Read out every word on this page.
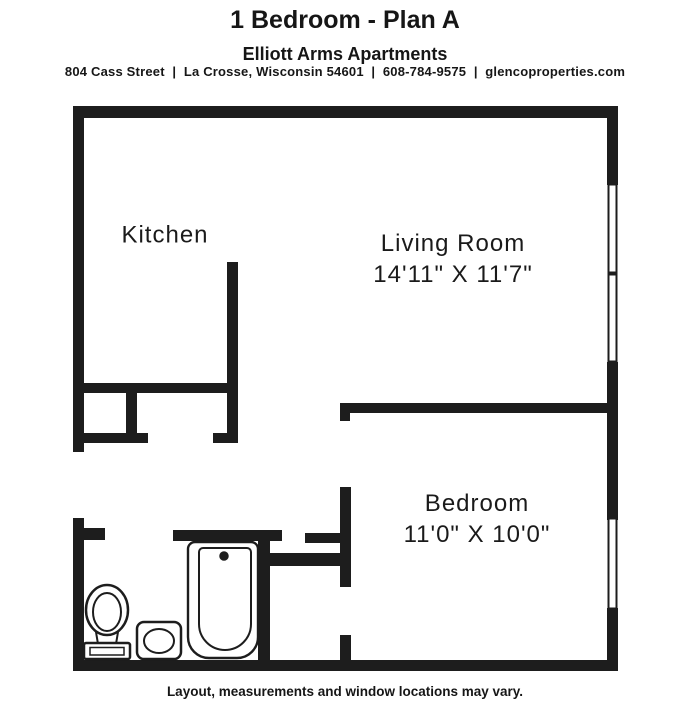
1 Bedroom - Plan A
Elliott Arms Apartments
804 Cass Street  |  La Crosse, Wisconsin 54601  |  608-784-9575  |  glencoproperties.com
Kitchen	Living Room
14'11" X 11'7"
Bedroom
11'0" X 10'0"
Layout, measurements and window locations may vary.
